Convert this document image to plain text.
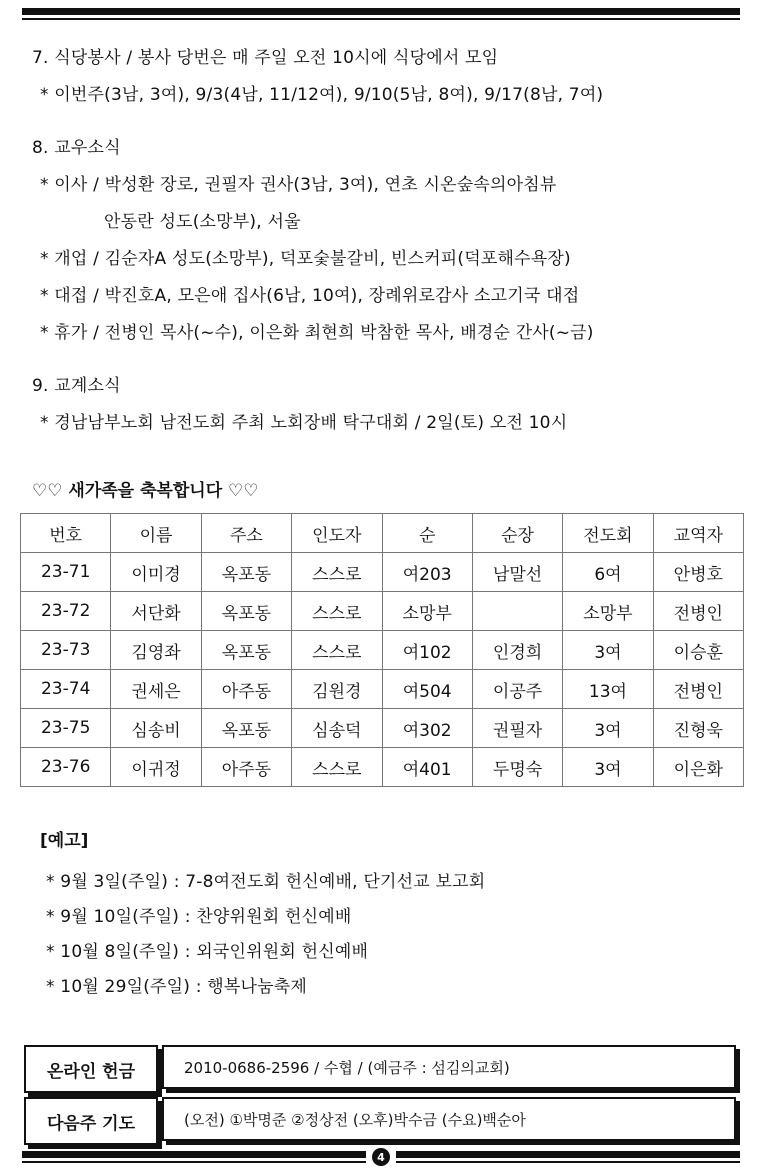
7. 식당봉사 / 봉사 당번은 매 주일 오전 10시에 식당에서 모임
* 이번주(3남, 3여), 9/3(4남, 11/12여), 9/10(5남, 8여), 9/17(8남, 7여)
8. 교우소식
* 이사 / 박성환 장로, 권필자 권사(3남, 3여), 연초 시온숲속의아침뷰
안동란 성도(소망부), 서울
* 개업 / 김순자A 성도(소망부), 덕포숯불갈비, 빈스커피(덕포해수욕장)
* 대접 / 박진호A, 모은애 집사(6남, 10여), 장례위로감사 소고기국 대접
* 휴가 / 전병인 목사(~수), 이은화 최현희 박참한 목사, 배경순 간사(~금)
9. 교계소식
* 경남남부노회 남전도회 주최 노회장배 탁구대회 / 2일(토) 오전 10시
♡♡ 새가족을 축복합니다 ♡♡
번호	이름	주소	인도자	순	순장	전도회	교역자
23-71	이미경	옥포동	스스로	여203	남말선	6여	안병호
23-72	서단화	옥포동	스스로	소망부		소망부	전병인
23-73	김영좌	옥포동	스스로	여102	인경희	3여	이승훈
23-74	권세은	아주동	김원경	여504	이공주	13여	전병인
23-75	심송비	옥포동	심송덕	여302	권필자	3여	진형욱
23-76	이귀정	아주동	스스로	여401	두명숙	3여	이은화
[예고]
* 9월 3일(주일) : 7-8여전도회 헌신예배, 단기선교 보고회
* 9월 10일(주일) : 찬양위원회 헌신예배
* 10월 8일(주일) : 외국인위원회 헌신예배
* 10월 29일(주일) : 행복나눔축제
온라인 헌금	2010-0686-2596 / 수협 / (예금주 : 섬김의교회)
다음주 기도	(오전) ①박명준 ②정상전 (오후)박수금 (수요)백순아
4
